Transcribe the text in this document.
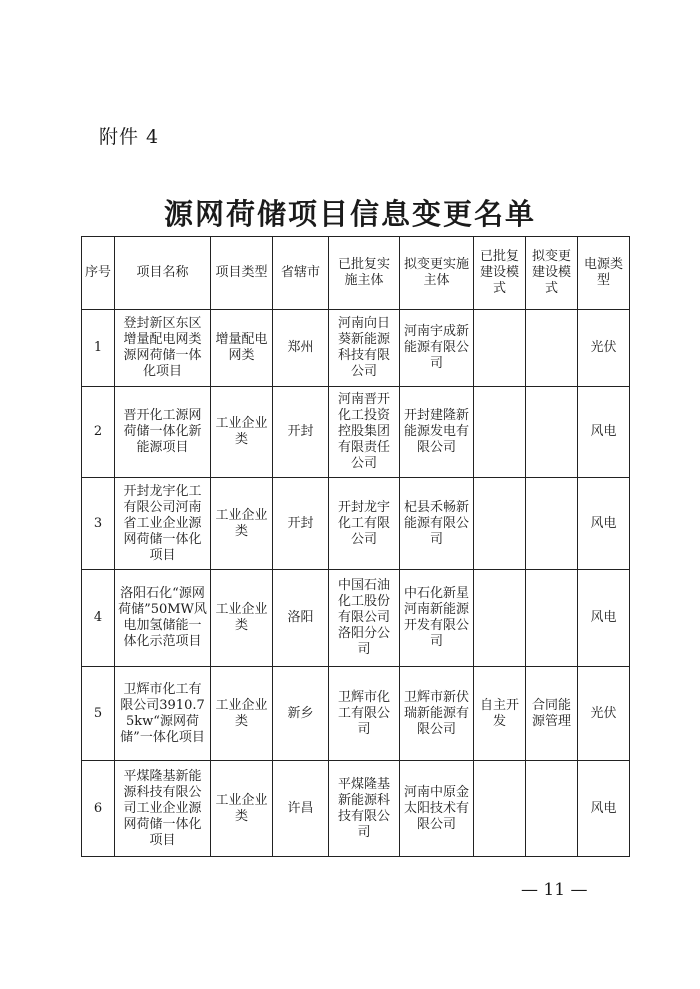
附件 4
源网荷储项目信息变更名单
序号	项目名称	项目类型	省辖市	已批复实施主体	拟变更实施主体	已批复建设模式	拟变更建设模式	电源类型
1	登封新区东区增量配电网类源网荷储一体化项目	增量配电网类	郑州	河南向日葵新能源科技有限公司	河南宇成新能源有限公司			光伏
2	晋开化工源网荷储一体化新能源项目	工业企业类	开封	河南晋开化工投资控股集团有限责任公司	开封建隆新能源发电有限公司			风电
3	开封龙宇化工有限公司河南省工业企业源网荷储一体化项目	工业企业类	开封	开封龙宇化工有限公司	杞县禾畅新能源有限公司			风电
4	洛阳石化“源网荷储”50MW风电加氢储能一体化示范项目	工业企业类	洛阳	中国石油化工股份有限公司洛阳分公司	中石化新星河南新能源开发有限公司			风电
5	卫辉市化工有限公司3910.75kw“源网荷储”一体化项目	工业企业类	新乡	卫辉市化工有限公司	卫辉市新伏瑞新能源有限公司	自主开发	合同能源管理	光伏
6	平煤隆基新能源科技有限公司工业企业源网荷储一体化项目	工业企业类	许昌	平煤隆基新能源科技有限公司	河南中原金太阳技术有限公司			风电
— 11 —
